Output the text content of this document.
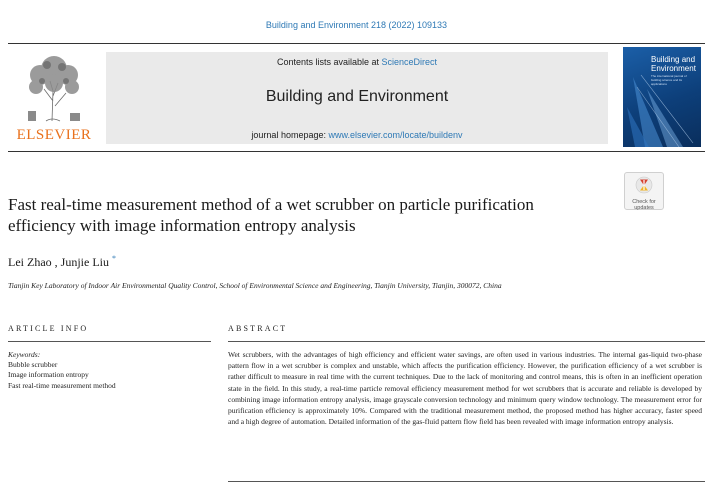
Building and Environment 218 (2022) 109133
ELSEVIER
Contents lists available at ScienceDirect
Building and Environment
journal homepage: www.elsevier.com/locate/buildenv
Building and
Environment
The international journal of building science and its applications
Check for
updates
Fast real-time measurement method of a wet scrubber on particle purification efficiency with image information entropy analysis
Lei Zhao , Junjie Liu *
Tianjin Key Laboratory of Indoor Air Environmental Quality Control, School of Environmental Science and Engineering, Tianjin University, Tianjin, 300072, China
ARTICLE INFO	ABSTRACT
Keywords:
Bubble scrubber
Image information entropy
Fast real-time measurement method
Wet scrubbers, with the advantages of high efficiency and efficient water savings, are often used in various industries. The internal gas-liquid two-phase pattern flow in a wet scrubber is complex and unstable, which affects the purification efficiency. However, the purification efficiency of a wet scrubber is rather difficult to measure in real time with the current techniques. Due to the lack of monitoring and control means, this is often in an inefficient operation state in the field. In this study, a real-time particle removal efficiency measurement method for wet scrubbers that is accurate and reliable is developed by combining image information entropy analysis, image grayscale conversion technology and minimum query window technology. The measurement error for purification efficiency is approximately 10%. Compared with the traditional measurement method, the proposed method has higher accuracy, faster speed and a high degree of automation. Detailed information of the gas-fluid pattern flow field has been revealed with image information entropy analysis.
